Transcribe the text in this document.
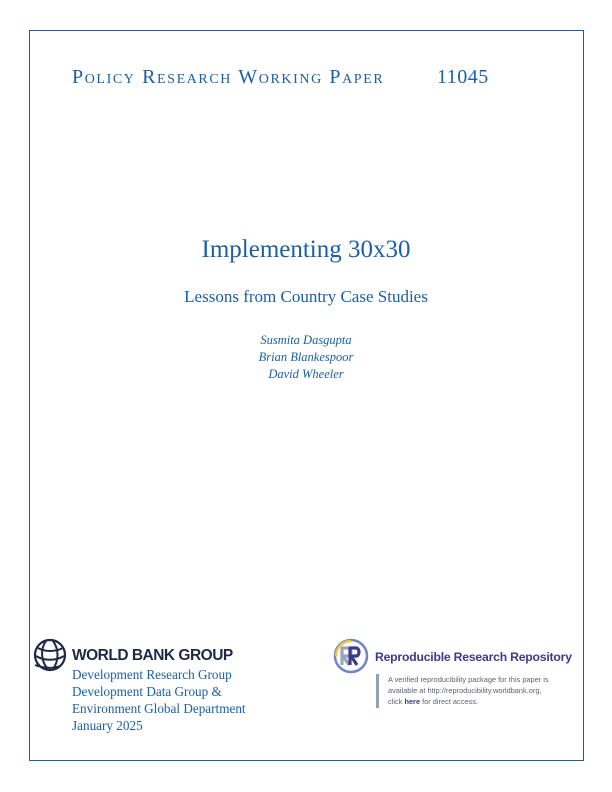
Policy Research Working Paper	11045
Implementing 30x30
Lessons from Country Case Studies
Susmita Dasgupta
Brian Blankespoor
David Wheeler
WORLD BANK GROUP
Development Research Group
Development Data Group &
Environment Global Department
January 2025
Reproducible Research Repository
A verified reproducibility package for this paper is
available at http://reproducibility.worldbank.org,
click here for direct access.
